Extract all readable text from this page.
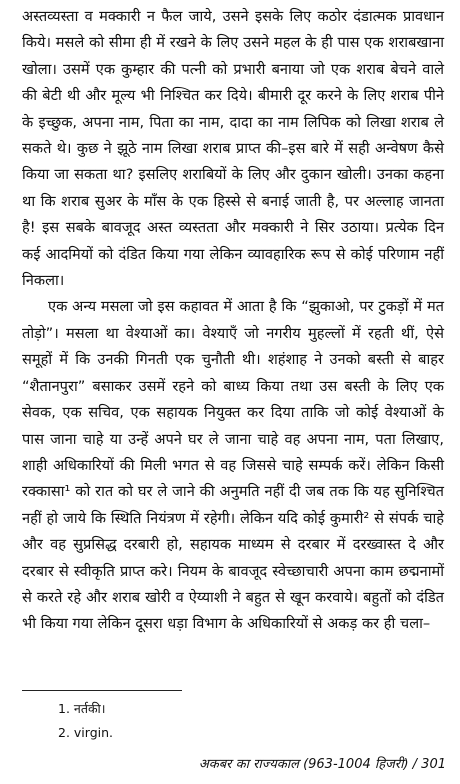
अस्तव्यस्ता व मक्कारी न फैल जाये, उसने इसके लिए कठोर दंडात्मक प्रावधान किये। मसले को सीमा ही में रखने के लिए उसने महल के ही पास एक शराबखाना खोला। उसमें एक कुम्हार की पत्नी को प्रभारी बनाया जो एक शराब बेचने वाले की बेटी थी और मूल्य भी निश्चित कर दिये। बीमारी दूर करने के लिए शराब पीने के इच्छुक, अपना नाम, पिता का नाम, दादा का नाम लिपिक को लिखा शराब ले सकते थे। कुछ ने झूठे नाम लिखा शराब प्राप्त की–इस बारे में सही अन्वेषण कैसे किया जा सकता था? इसलिए शराबियों के लिए और दुकान खोली। उनका कहना था कि शराब सुअर के माँस के एक हिस्से से बनाई जाती है, पर अल्लाह जानता है! इस सबके बावजूद अस्त व्यस्तता और मक्कारी ने सिर उठाया। प्रत्येक दिन कई आदमियों को दंडित किया गया लेकिन व्यावहारिक रूप से कोई परिणाम नहीं निकला।

एक अन्य मसला जो इस कहावत में आता है कि “झुकाओ, पर टुकड़ों में मत तोड़ो”। मसला था वेश्याओं का। वेश्याएँ जो नगरीय मुहल्लों में रहती थीं, ऐसे समूहों में कि उनकी गिनती एक चुनौती थी। शहंशाह ने उनको बस्ती से बाहर “शैतानपुरा” बसाकर उसमें रहने को बाध्य किया तथा उस बस्ती के लिए एक सेवक, एक सचिव, एक सहायक नियुक्त कर दिया ताकि जो कोई वेश्याओं के पास जाना चाहे या उन्हें अपने घर ले जाना चाहे वह अपना नाम, पता लिखाए, शाही अधिकारियों की मिली भगत से वह जिससे चाहे सम्पर्क करें। लेकिन किसी रक्कासा¹ को रात को घर ले जाने की अनुमति नहीं दी जब तक कि यह सुनिश्चित नहीं हो जाये कि स्थिति नियंत्रण में रहेगी। लेकिन यदि कोई कुमारी² से संपर्क चाहे और वह सुप्रसिद्ध दरबारी हो, सहायक माध्यम से दरबार में दरख्वास्त दे और दरबार से स्वीकृति प्राप्त करे। नियम के बावजूद स्वेच्छाचारी अपना काम छद्मनामों से करते रहे और शराब खोरी व ऐय्याशी ने बहुत से खून करवाये। बहुतों को दंडित भी किया गया लेकिन दूसरा धड़ा विभाग के अधिकारियों से अकड़ कर ही चला–

1. नर्तकी।
2. virgin.
अकबर का राज्यकाल (963-1004 हिजरी) / 301
